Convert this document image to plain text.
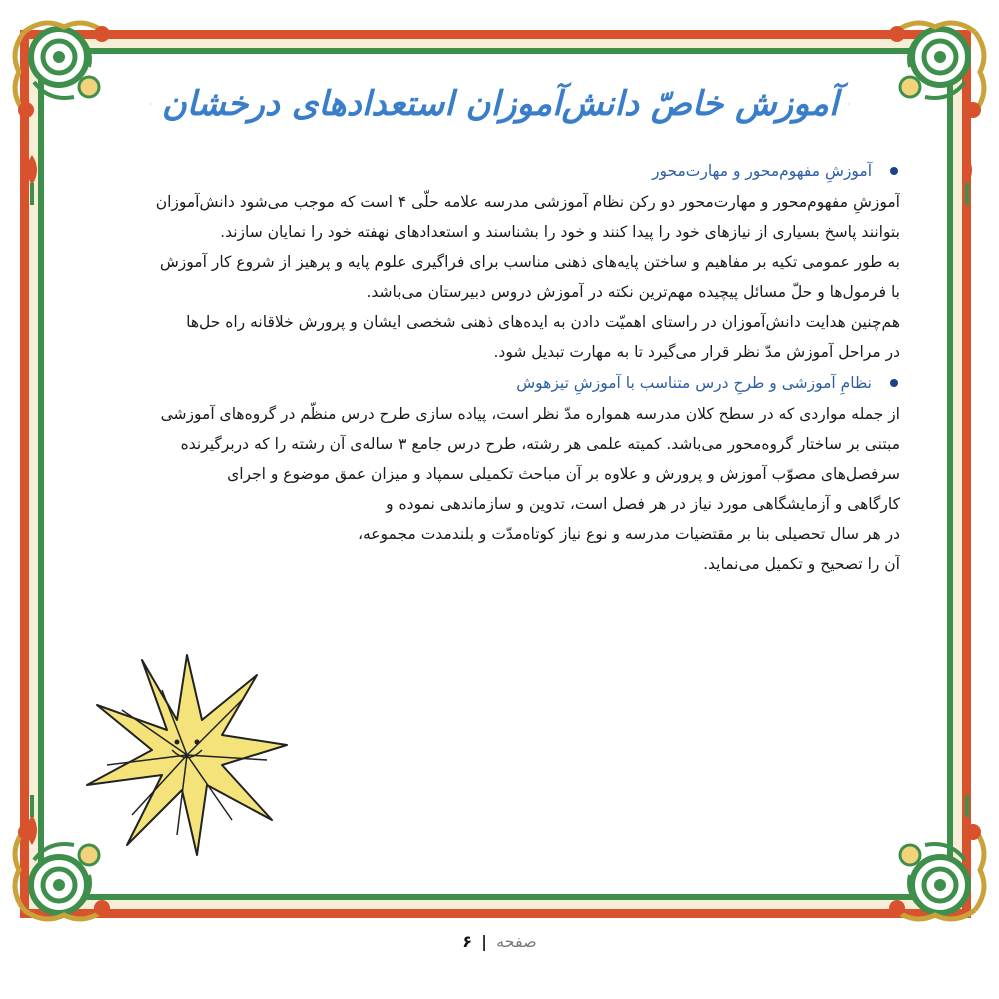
آموزش خاصّ دانش‌آموزان استعدادهای درخشان
آموزشِ مفهوم‌محور و مهارت‌محور
آموزشِ مفهوم‌محور و مهارت‌محور دو رکن نظام آموزشی مدرسه علامه حلّی ۴ است که موجب می‌شود دانش‌آموزان
بتوانند پاسخ بسیاری از نیازهای خود را پیدا کنند و خود را بشناسند و استعدادهای نهفته خود را نمایان سازند.
به طور عمومی تکیه بر مفاهیم و ساختن پایه‌های ذهنی مناسب برای فراگیری علوم پایه و پرهیز از شروع کار آموزش
با فرمول‌ها و حلّ مسائل پیچیده مهم‌ترین نکته در آموزش دروس دبیرستان می‌باشد.
هم‌چنین هدایت دانش‌آموزان در راستای اهمیّت دادن به ایده‌های ذهنی شخصی ایشان و پرورش خلاقانه راه حل‌ها
در مراحل آموزش مدّ نظر قرار می‌گیرد تا به مهارت تبدیل شود.
نظامِ آموزشی و طرحِ درس متناسب با آموزشِ تیزهوش
از جمله مواردی که در سطح کلان مدرسه همواره مدّ نظر است، پیاده سازی طرح درس منظّم در گروه‌های آموزشی
مبتنی بر ساختار گروه‌محور می‌باشد. کمیته علمی هر رشته، طرح درس جامع ۳ ساله‌ی آن رشته را که دربرگیرنده
سرفصل‌های مصوّب آموزش و پرورش و علاوه بر آن مباحث تکمیلی سمپاد و میزان عمق موضوع و اجرای
کارگاهی و آزمایشگاهی مورد نیاز در هر فصل است، تدوین و سازماندهی نموده و
در هر سال تحصیلی بنا بر مقتضیات مدرسه و نوع نیاز کوتاه‌مدّت و بلندمدت مجموعه،
آن را تصحیح و تکمیل می‌نماید.
صفحه | ۶
